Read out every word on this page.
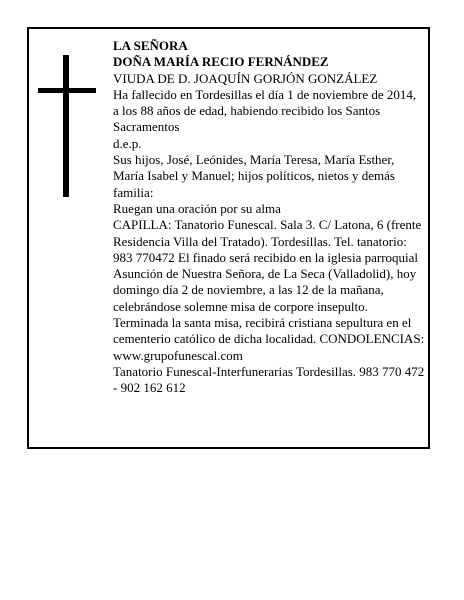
LA SEÑORA

DOÑA MARÍA RECIO FERNÁNDEZ

VIUDA DE D. JOAQUÍN GORJÓN GONZÁLEZ

Ha fallecido en Tordesillas el día 1 de noviembre de 2014, a los 88 años de edad, habiendo recibido los Santos Sacramentos

d.e.p.

Sus hijos, José, Leónides, María Teresa, María Esther, María Isabel y Manuel; hijos políticos, nietos y demás familia:

Ruegan una oración por su alma

CAPILLA: Tanatorio Funescal. Sala 3. C/ Latona, 6 (frente Residencia Villa del Tratado). Tordesillas. Tel. tanatorio: 983 770472 El finado será recibido en la iglesia parroquial Asunción de Nuestra Señora, de La Seca (Valladolid), hoy domingo día 2 de noviembre, a las 12 de la mañana, celebrándose solemne misa de corpore insepulto. Terminada la santa misa, recibirá cristiana sepultura en el cementerio católico de dicha localidad. CONDOLENCIAS:

www.grupofunescal.com

Tanatorio Funescal-Interfunerarias Tordesillas. 983 770 472 - 902 162 612
